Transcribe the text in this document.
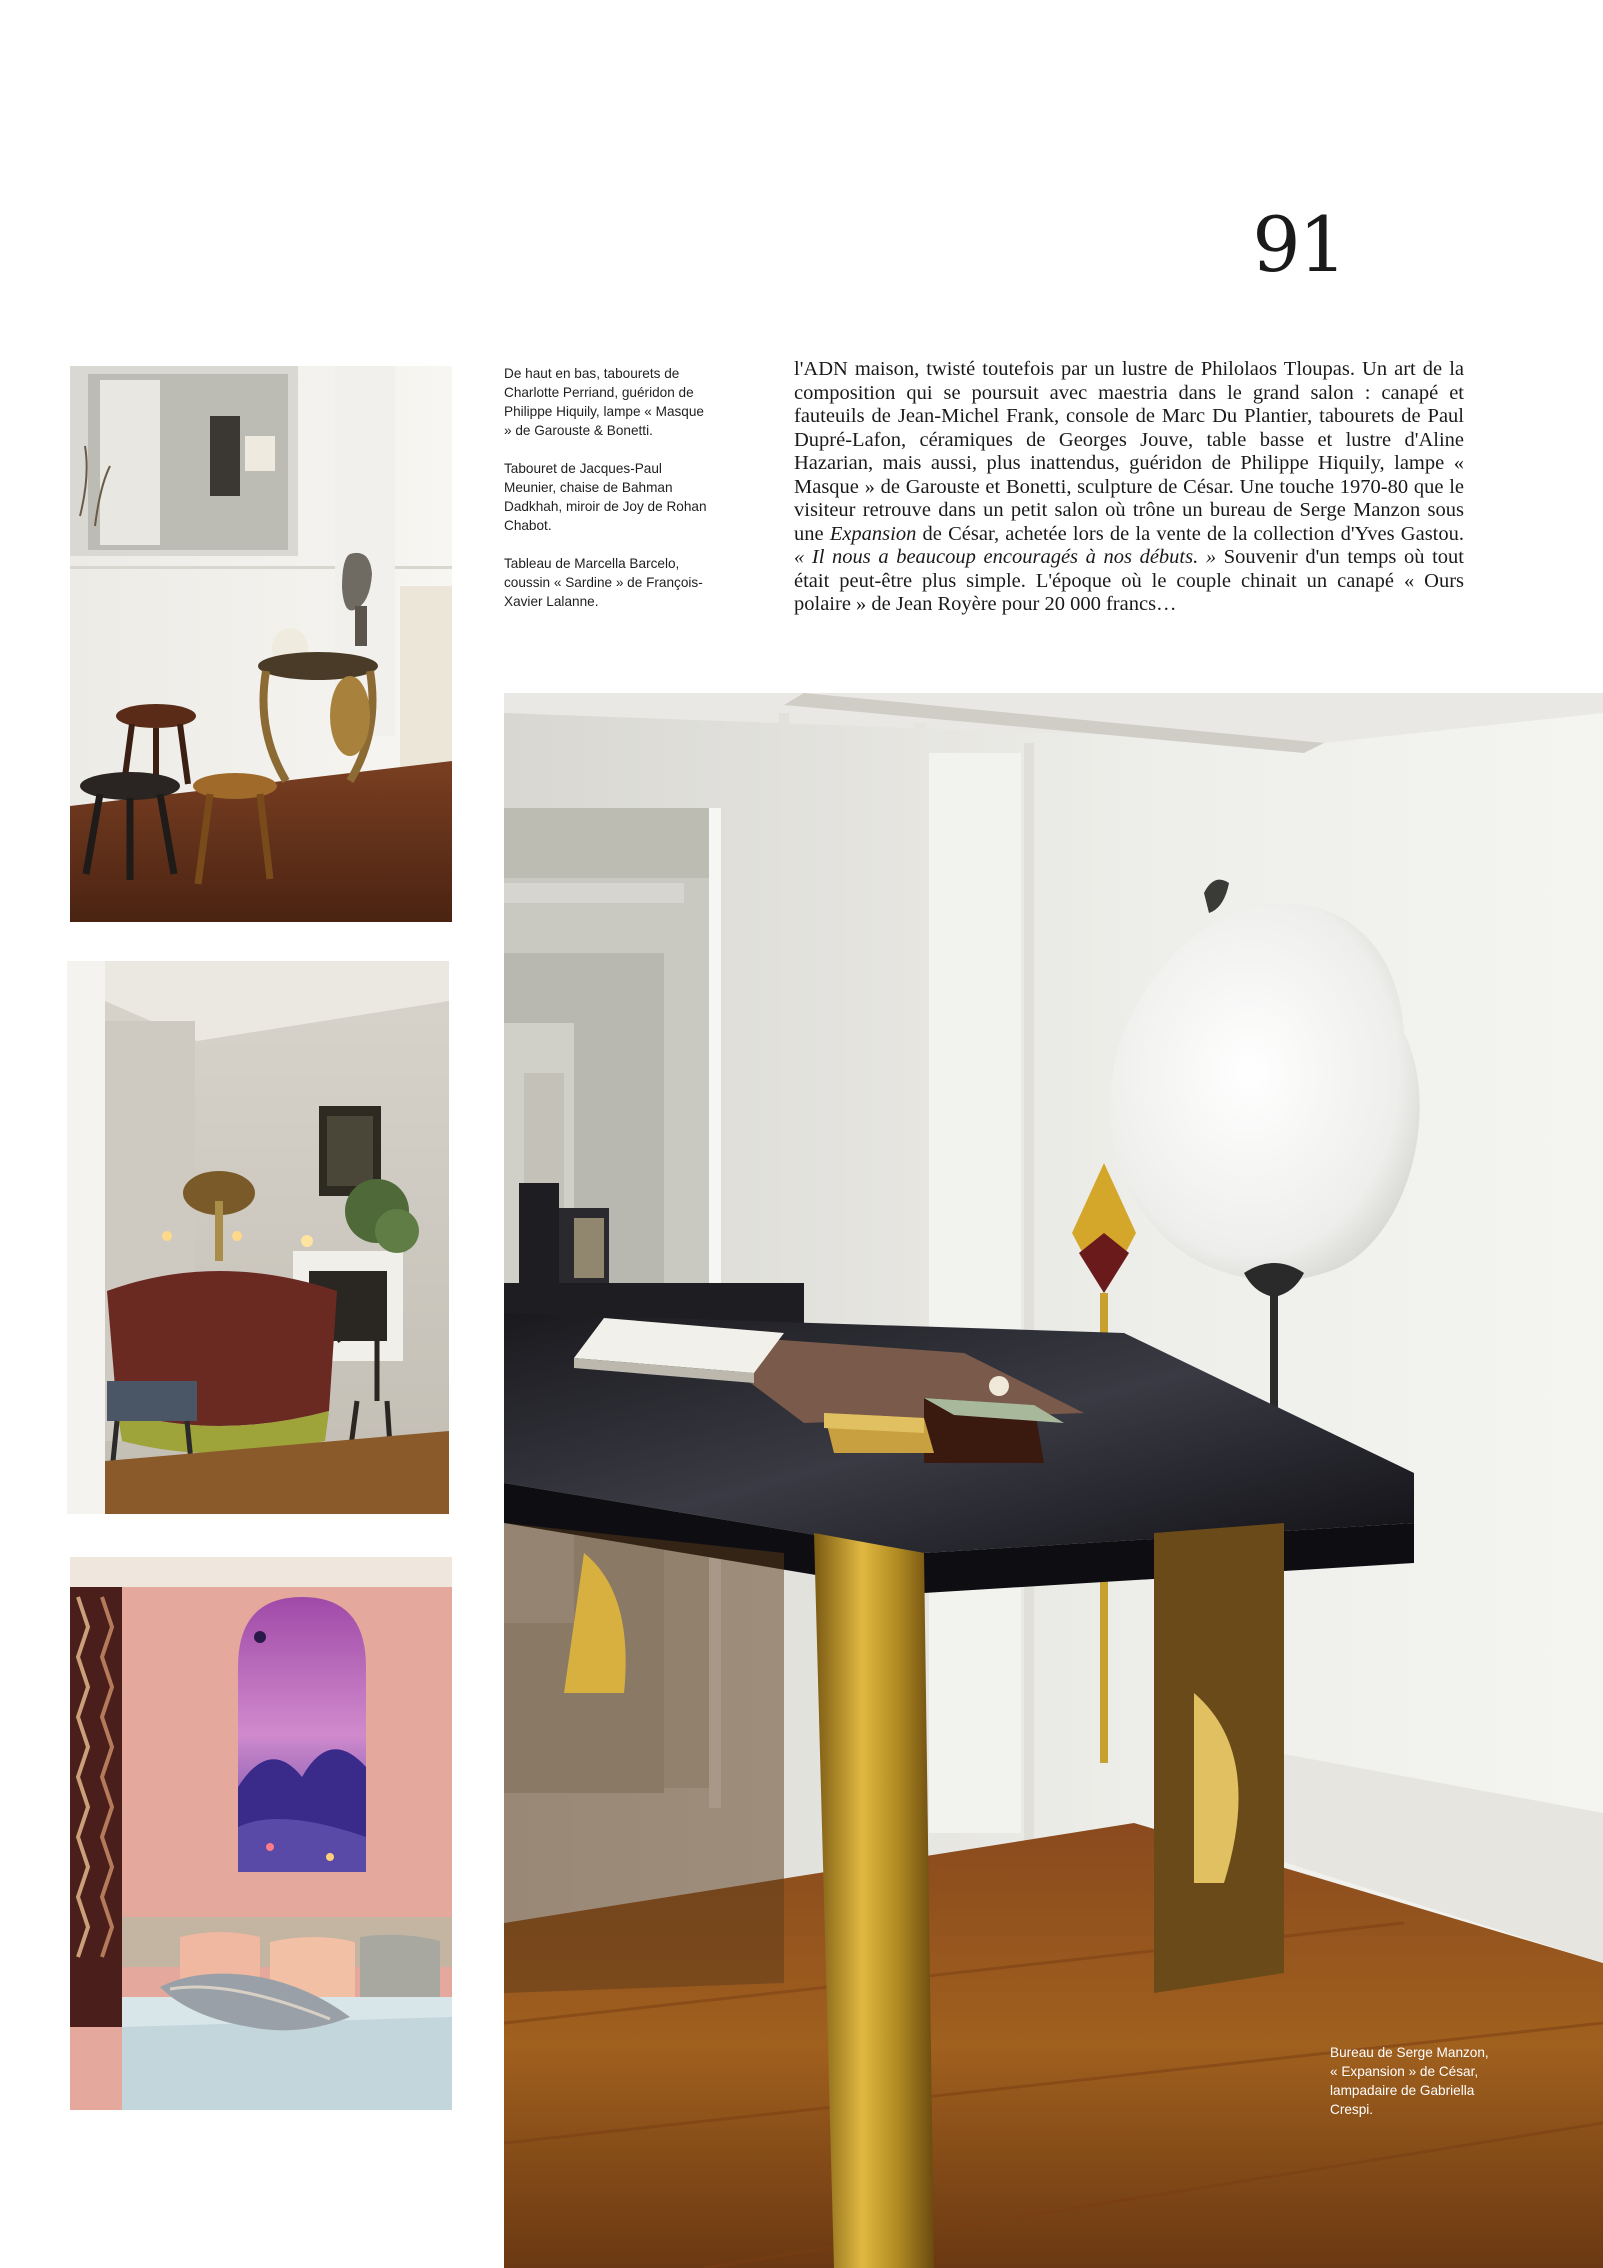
91

De haut en bas, tabourets de Charlotte Perriand, guéridon de Philippe Hiquily, lampe « Masque » de Garouste & Bonetti.

Tabouret de Jacques-Paul Meunier, chaise de Bahman Dadkhah, miroir de Joy de Rohan Chabot.

Tableau de Marcella Barcelo, coussin « Sardine » de François-Xavier Lalanne.

l'ADN maison, twisté toutefois par un lustre de Philolaos Tloupas. Un art de la composition qui se poursuit avec maestria dans le grand salon : canapé et fauteuils de Jean-Michel Frank, console de Marc Du Plantier, tabourets de Paul Dupré-Lafon, céramiques de Georges Jouve, table basse et lustre d'Aline Hazarian, mais aussi, plus inattendus, guéridon de Philippe Hiquily, lampe « Masque » de Garouste et Bonetti, sculpture de César. Une touche 1970-80 que le visiteur retrouve dans un petit salon où trône un bureau de Serge Manzon sous une Expansion de César, achetée lors de la vente de la collection d'Yves Gastou. « Il nous a beaucoup encouragés à nos débuts. » Souvenir d'un temps où tout était peut-être plus simple. L'époque où le couple chinait un canapé « Ours polaire » de Jean Royère pour 20 000 francs…

Bureau de Serge Manzon, « Expansion » de César, lampadaire de Gabriella Crespi.
